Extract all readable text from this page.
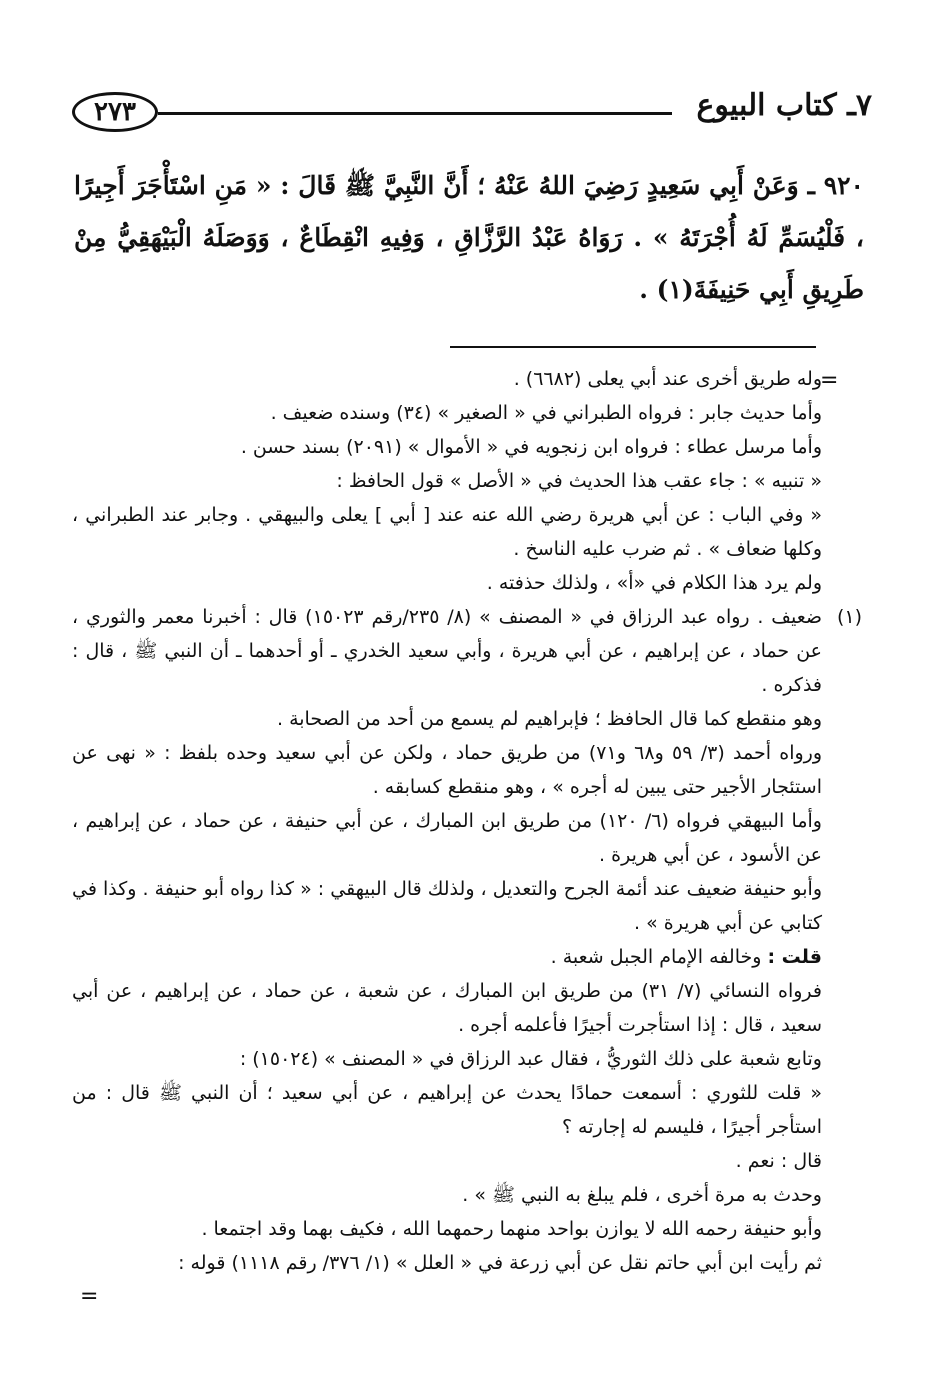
٢٧٣	٧ـ كتاب البيوع

٩٢٠ ـ وَعَنْ أَبِي سَعِيدٍ رَضِيَ اللهُ عَنْهُ ؛ أَنَّ النَّبِيَّ ﷺ قَالَ : « مَنِ اسْتَأْجَرَ أَجِيرًا ، فَلْيُسَمِّ لَهُ أُجْرَتَهُ » . رَوَاهُ عَبْدُ الرَّزَّاقِ ، وَفِيهِ انْقِطَاعٌ ، وَوَصَلَهُ الْبَيْهَقِيُّ مِنْ طَرِيقِ أَبِي حَنِيفَةَ(١) .

=

وله طريق أخرى عند أبي يعلى (٦٦٨٢) .

وأما حديث جابر : فرواه الطبراني في « الصغير » (٣٤) وسنده ضعيف .

وأما مرسل عطاء : فرواه ابن زنجويه في « الأموال » (٢٠٩١) بسند حسن .

« تنبيه » : جاء عقب هذا الحديث في « الأصل » قول الحافظ :

« وفي الباب : عن أبي هريرة رضي الله عنه عند [ أبي ] يعلى والبيهقي . وجابر عند الطبراني ، وكلها ضعاف » . ثم ضرب عليه الناسخ .

ولم يرد هذا الكلام في «أ» ، ولذلك حذفته .

(١)

ضعيف . رواه عبد الرزاق في « المصنف » (٨/ ٢٣٥/رقم ١٥٠٢٣) قال : أخبرنا معمر والثوري ، عن حماد ، عن إبراهيم ، عن أبي هريرة ، وأبي سعيد الخدري ـ أو أحدهما ـ أن النبي ﷺ ، قال : فذكره .

وهو منقطع كما قال الحافظ ؛ فإبراهيم لم يسمع من أحد من الصحابة .

ورواه أحمد (٣/ ٥٩ و٦٨ و٧١) من طريق حماد ، ولكن عن أبي سعيد وحده بلفظ : « نهى عن استئجار الأجير حتى يبين له أجره » ، وهو منقطع كسابقه .

وأما البيهقي فرواه (٦/ ١٢٠) من طريق ابن المبارك ، عن أبي حنيفة ، عن حماد ، عن إبراهيم ، عن الأسود ، عن أبي هريرة .

وأبو حنيفة ضعيف عند أئمة الجرح والتعديل ، ولذلك قال البيهقي : « كذا رواه أبو حنيفة . وكذا في كتابي عن أبي هريرة » .

قلت : وخالفه الإمام الجبل شعبة .

فرواه النسائي (٧/ ٣١) من طريق ابن المبارك ، عن شعبة ، عن حماد ، عن إبراهيم ، عن أبي سعيد ، قال : إذا استأجرت أجيرًا فأعلمه أجره .

وتابع شعبة على ذلك الثوريُّ ، فقال عبد الرزاق في « المصنف » (١٥٠٢٤) :

« قلت للثوري : أسمعت حمادًا يحدث عن إبراهيم ، عن أبي سعيد ؛ أن النبي ﷺ قال : من استأجر أجيرًا ، فليسم له إجارته ؟

قال : نعم .

وحدث به مرة أخرى ، فلم يبلغ به النبي ﷺ » .

وأبو حنيفة رحمه الله لا يوازن بواحد منهما رحمهما الله ، فكيف بهما وقد اجتمعا .

ثم رأيت ابن أبي حاتم نقل عن أبي زرعة في « العلل » (١/ ٣٧٦/ رقم ١١١٨) قوله :

=
